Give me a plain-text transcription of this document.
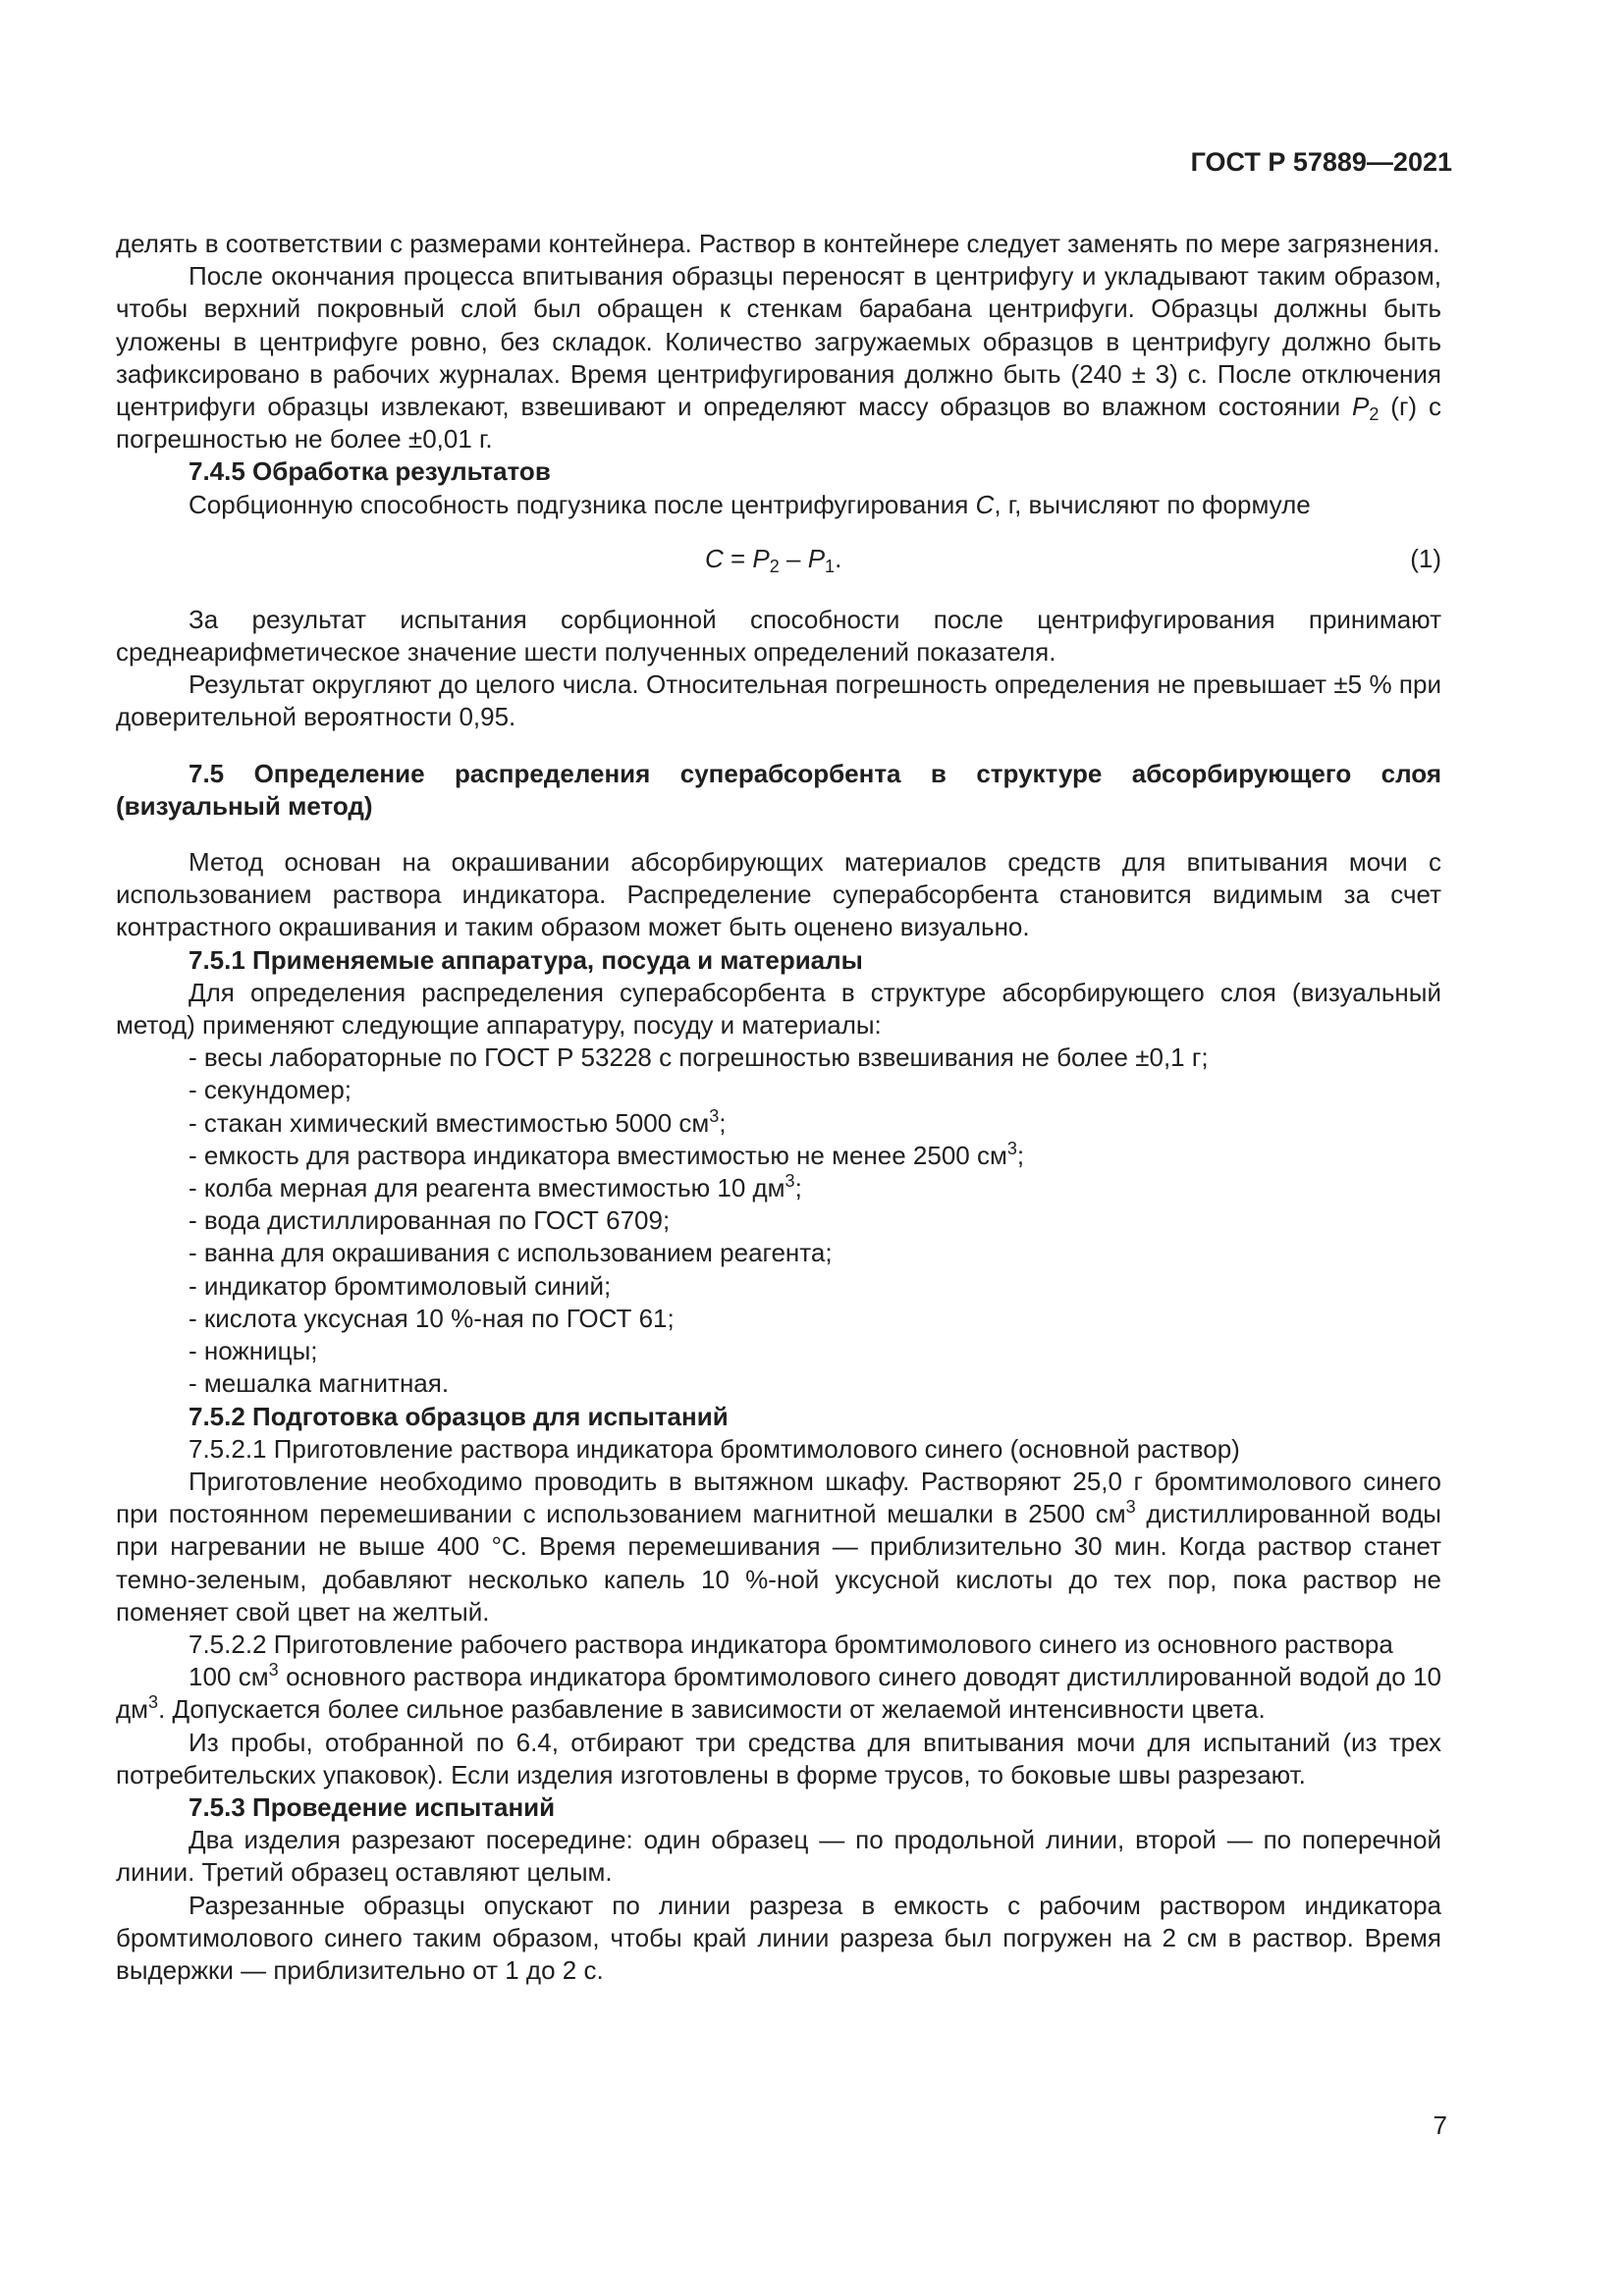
ГОСТ Р 57889—2021

делять в соответствии с размерами контейнера. Раствор в контейнере следует заменять по мере загрязнения.

После окончания процесса впитывания образцы переносят в центрифугу и укладывают таким образом, чтобы верхний покровный слой был обращен к стенкам барабана центрифуги. Образцы должны быть уложены в центрифуге ровно, без складок. Количество загружаемых образцов в центрифугу должно быть зафиксировано в рабочих журналах. Время центрифугирования должно быть (240 ± 3) с. После отключения центрифуги образцы извлекают, взвешивают и определяют массу образцов во влажном состоянии $P_2$ (г) с погрешностью не более ±0,01 г.

7.4.5 Обработка результатов

Сорбционную способность подгузника после центрифугирования C, г, вычисляют по формуле

$C = P_2 - P_1$.	(1)

За результат испытания сорбционной способности после центрифугирования принимают среднеарифметическое значение шести полученных определений показателя.

Результат округляют до целого числа. Относительная погрешность определения не превышает ±5 % при доверительной вероятности 0,95.

7.5 Определение распределения суперабсорбента в структуре абсорбирующего слоя (визуальный метод)

Метод основан на окрашивании абсорбирующих материалов средств для впитывания мочи с использованием раствора индикатора. Распределение суперабсорбента становится видимым за счет контрастного окрашивания и таким образом может быть оценено визуально.

7.5.1 Применяемые аппаратура, посуда и материалы

Для определения распределения суперабсорбента в структуре абсорбирующего слоя (визуальный метод) применяют следующие аппаратуру, посуду и материалы:

- весы лабораторные по ГОСТ Р 53228 с погрешностью взвешивания не более ±0,1 г;

- секундомер;

- стакан химический вместимостью 5000 $см^3$;

- емкость для раствора индикатора вместимостью не менее 2500 $см^3$;

- колба мерная для реагента вместимостью 10 $дм^3$;

- вода дистиллированная по ГОСТ 6709;

- ванна для окрашивания с использованием реагента;

- индикатор бромтимоловый синий;

- кислота уксусная 10 %-ная по ГОСТ 61;

- ножницы;

- мешалка магнитная.

7.5.2 Подготовка образцов для испытаний

7.5.2.1 Приготовление раствора индикатора бромтимолового синего (основной раствор)

Приготовление необходимо проводить в вытяжном шкафу. Растворяют 25,0 г бромтимолового синего при постоянном перемешивании с использованием магнитной мешалки в 2500 $см^3$ дистиллированной воды при нагревании не выше 400 °С. Время перемешивания — приблизительно 30 мин. Когда раствор станет темно-зеленым, добавляют несколько капель 10 %-ной уксусной кислоты до тех пор, пока раствор не поменяет свой цвет на желтый.

7.5.2.2 Приготовление рабочего раствора индикатора бромтимолового синего из основного раствора

100 $см^3$ основного раствора индикатора бромтимолового синего доводят дистиллированной водой до 10 $дм^3$. Допускается более сильное разбавление в зависимости от желаемой интенсивности цвета.

Из пробы, отобранной по 6.4, отбирают три средства для впитывания мочи для испытаний (из трех потребительских упаковок). Если изделия изготовлены в форме трусов, то боковые швы разрезают.

7.5.3 Проведение испытаний

Два изделия разрезают посередине: один образец — по продольной линии, второй — по поперечной линии. Третий образец оставляют целым.

Разрезанные образцы опускают по линии разреза в емкость с рабочим раствором индикатора бромтимолового синего таким образом, чтобы край линии разреза был погружен на 2 см в раствор. Время выдержки — приблизительно от 1 до 2 с.

7
